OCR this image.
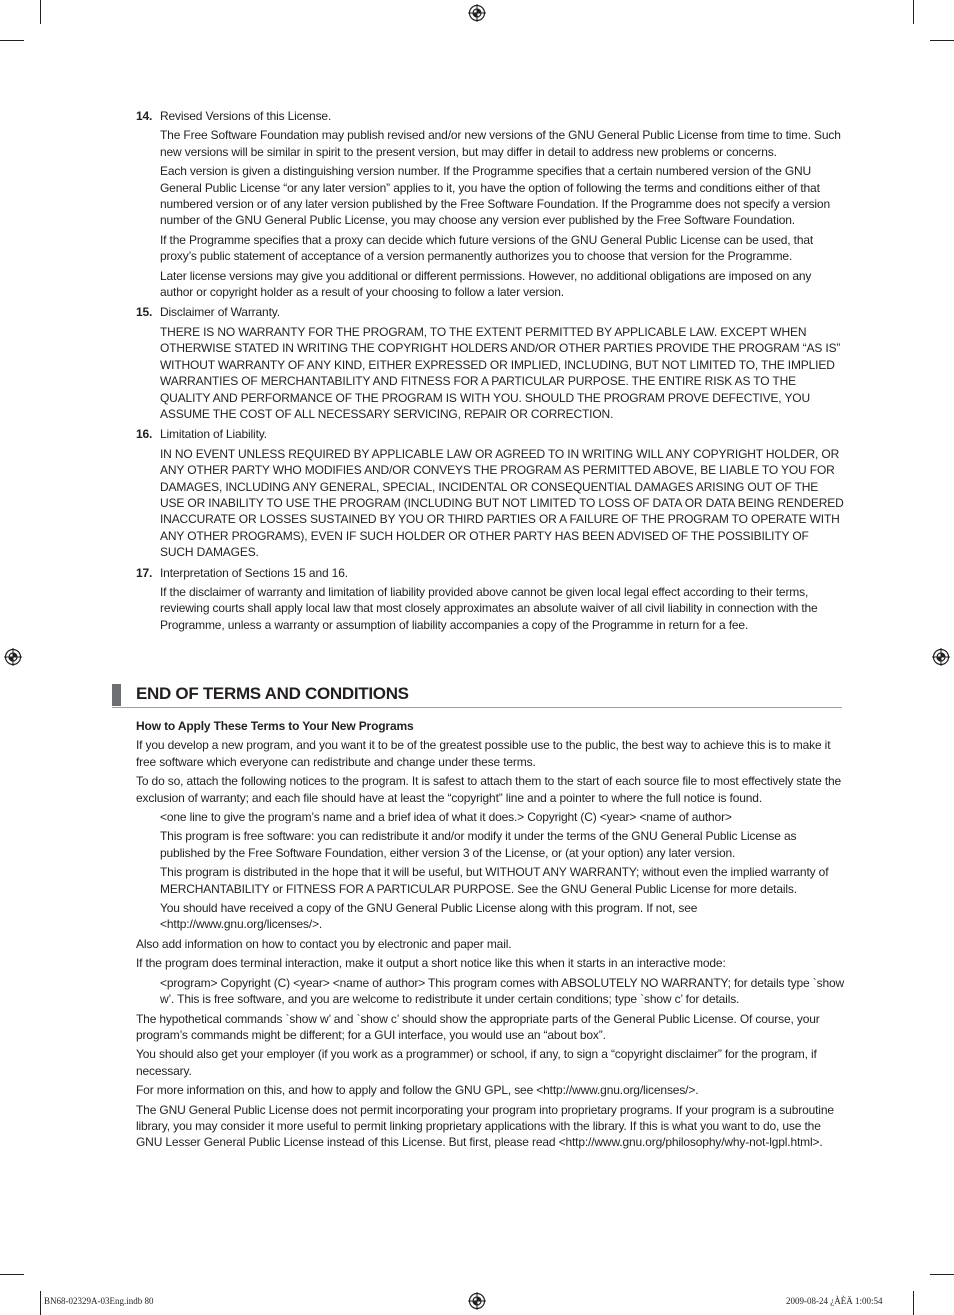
14. Revised Versions of this License.

The Free Software Foundation may publish revised and/or new versions of the GNU General Public License from time to time. Such new versions will be similar in spirit to the present version, but may differ in detail to address new problems or concerns.

Each version is given a distinguishing version number. If the Programme specifies that a certain numbered version of the GNU General Public License “or any later version” applies to it, you have the option of following the terms and conditions either of that numbered version or of any later version published by the Free Software Foundation. If the Programme does not specify a version number of the GNU General Public License, you may choose any version ever published by the Free Software Foundation.

If the Programme specifies that a proxy can decide which future versions of the GNU General Public License can be used, that proxy’s public statement of acceptance of a version permanently authorizes you to choose that version for the Programme.

Later license versions may give you additional or different permissions. However, no additional obligations are imposed on any author or copyright holder as a result of your choosing to follow a later version.

15. Disclaimer of Warranty.

THERE IS NO WARRANTY FOR THE PROGRAM, TO THE EXTENT PERMITTED BY APPLICABLE LAW. EXCEPT WHEN OTHERWISE STATED IN WRITING THE COPYRIGHT HOLDERS AND/OR OTHER PARTIES PROVIDE THE PROGRAM “AS IS” WITHOUT WARRANTY OF ANY KIND, EITHER EXPRESSED OR IMPLIED, INCLUDING, BUT NOT LIMITED TO, THE IMPLIED WARRANTIES OF MERCHANTABILITY AND FITNESS FOR A PARTICULAR PURPOSE. THE ENTIRE RISK AS TO THE QUALITY AND PERFORMANCE OF THE PROGRAM IS WITH YOU. SHOULD THE PROGRAM PROVE DEFECTIVE, YOU ASSUME THE COST OF ALL NECESSARY SERVICING, REPAIR OR CORRECTION.

16. Limitation of Liability.

IN NO EVENT UNLESS REQUIRED BY APPLICABLE LAW OR AGREED TO IN WRITING WILL ANY COPYRIGHT HOLDER, OR ANY OTHER PARTY WHO MODIFIES AND/OR CONVEYS THE PROGRAM AS PERMITTED ABOVE, BE LIABLE TO YOU FOR DAMAGES, INCLUDING ANY GENERAL, SPECIAL, INCIDENTAL OR CONSEQUENTIAL DAMAGES ARISING OUT OF THE USE OR INABILITY TO USE THE PROGRAM (INCLUDING BUT NOT LIMITED TO LOSS OF DATA OR DATA BEING RENDERED INACCURATE OR LOSSES SUSTAINED BY YOU OR THIRD PARTIES OR A FAILURE OF THE PROGRAM TO OPERATE WITH ANY OTHER PROGRAMS), EVEN IF SUCH HOLDER OR OTHER PARTY HAS BEEN ADVISED OF THE POSSIBILITY OF SUCH DAMAGES.

17. Interpretation of Sections 15 and 16.

If the disclaimer of warranty and limitation of liability provided above cannot be given local legal effect according to their terms, reviewing courts shall apply local law that most closely approximates an absolute waiver of all civil liability in connection with the Programme, unless a warranty or assumption of liability accompanies a copy of the Programme in return for a fee.

END OF TERMS AND CONDITIONS
How to Apply These Terms to Your New Programs

If you develop a new program, and you want it to be of the greatest possible use to the public, the best way to achieve this is to make it free software which everyone can redistribute and change under these terms.

To do so, attach the following notices to the program. It is safest to attach them to the start of each source file to most effectively state the exclusion of warranty; and each file should have at least the “copyright” line and a pointer to where the full notice is found.

<one line to give the program’s name and a brief idea of what it does.> Copyright (C) <year> <name of author>

This program is free software: you can redistribute it and/or modify it under the terms of the GNU General Public License as published by the Free Software Foundation, either version 3 of the License, or (at your option) any later version.

This program is distributed in the hope that it will be useful, but WITHOUT ANY WARRANTY; without even the implied warranty of MERCHANTABILITY or FITNESS FOR A PARTICULAR PURPOSE. See the GNU General Public License for more details.

You should have received a copy of the GNU General Public License along with this program. If not, see <http://www.gnu.org/licenses/>.

Also add information on how to contact you by electronic and paper mail.

If the program does terminal interaction, make it output a short notice like this when it starts in an interactive mode:

<program> Copyright (C) <year> <name of author> This program comes with ABSOLUTELY NO WARRANTY; for details type `show w’. This is free software, and you are welcome to redistribute it under certain conditions; type `show c’ for details.

The hypothetical commands `show w’ and `show c’ should show the appropriate parts of the General Public License. Of course, your program’s commands might be different; for a GUI interface, you would use an “about box”.

You should also get your employer (if you work as a programmer) or school, if any, to sign a “copyright disclaimer” for the program, if necessary.

For more information on this, and how to apply and follow the GNU GPL, see <http://www.gnu.org/licenses/>.

The GNU General Public License does not permit incorporating your program into proprietary programs. If your program is a subroutine library, you may consider it more useful to permit linking proprietary applications with the library. If this is what you want to do, use the GNU Lesser General Public License instead of this License. But first, please read <http://www.gnu.org/philosophy/why-not-lgpl.html>.

BN68-02329A-03Eng.indb 80	2009-08-24 ¿ÀÈÄ 1:00:54
